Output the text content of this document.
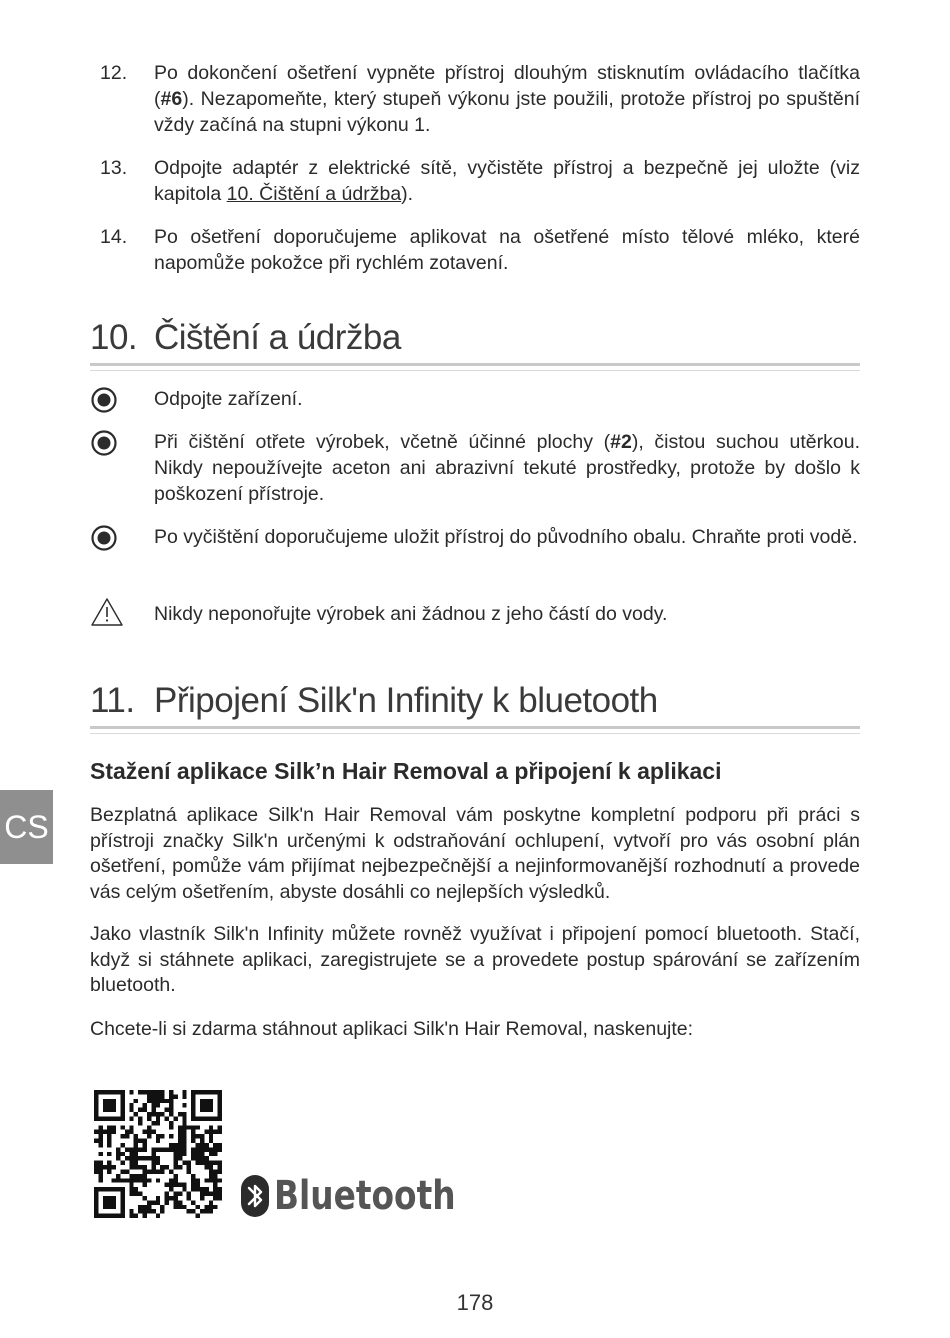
12.	Po dokončení ošetření vypněte přístroj dlouhým stisknutím ovládacího tlačítka (#6). Nezapomeňte, který stupeň výkonu jste použili, protože přístroj po spuštění vždy začíná na stupni výkonu 1.
13.	Odpojte adaptér z elektrické sítě, vyčistěte přístroj a bezpečně jej uložte (viz kapitola 10. Čištění a údržba).
14.	Po ošetření doporučujeme aplikovat na ošetřené místo tělové mléko, které napomůže pokožce při rychlém zotavení.
10. Čištění a údržba
Odpojte zařízení.
Při čištění otřete výrobek, včetně účinné plochy (#2), čistou suchou utěrkou. Nikdy nepoužívejte aceton ani abrazivní tekuté prostředky, protože by došlo k poškození přístroje.
Po vyčištění doporučujeme uložit přístroj do původního obalu. Chraňte proti vodě.
Nikdy neponořujte výrobek ani žádnou z jeho částí do vody.
11. Připojení Silk'n Infinity k bluetooth
Stažení aplikace Silk’n Hair Removal a připojení k aplikaci
Bezplatná aplikace Silk'n Hair Removal vám poskytne kompletní podporu při práci s přístroji značky Silk'n určenými k odstraňování ochlupení, vytvoří pro vás osobní plán ošetření, pomůže vám přijímat nejbezpečnější a nejinformovanější rozhodnutí a provede vás celým ošetřením, abyste dosáhli co nejlepších výsledků.
Jako vlastník Silk'n Infinity můžete rovněž využívat i připojení pomocí bluetooth. Stačí, když si stáhnete aplikaci, zaregistrujete se a provedete postup spárování se zařízením bluetooth.
Chcete-li si zdarma stáhnout aplikaci Silk'n Hair Removal, naskenujte:
CS
Bluetooth
178
